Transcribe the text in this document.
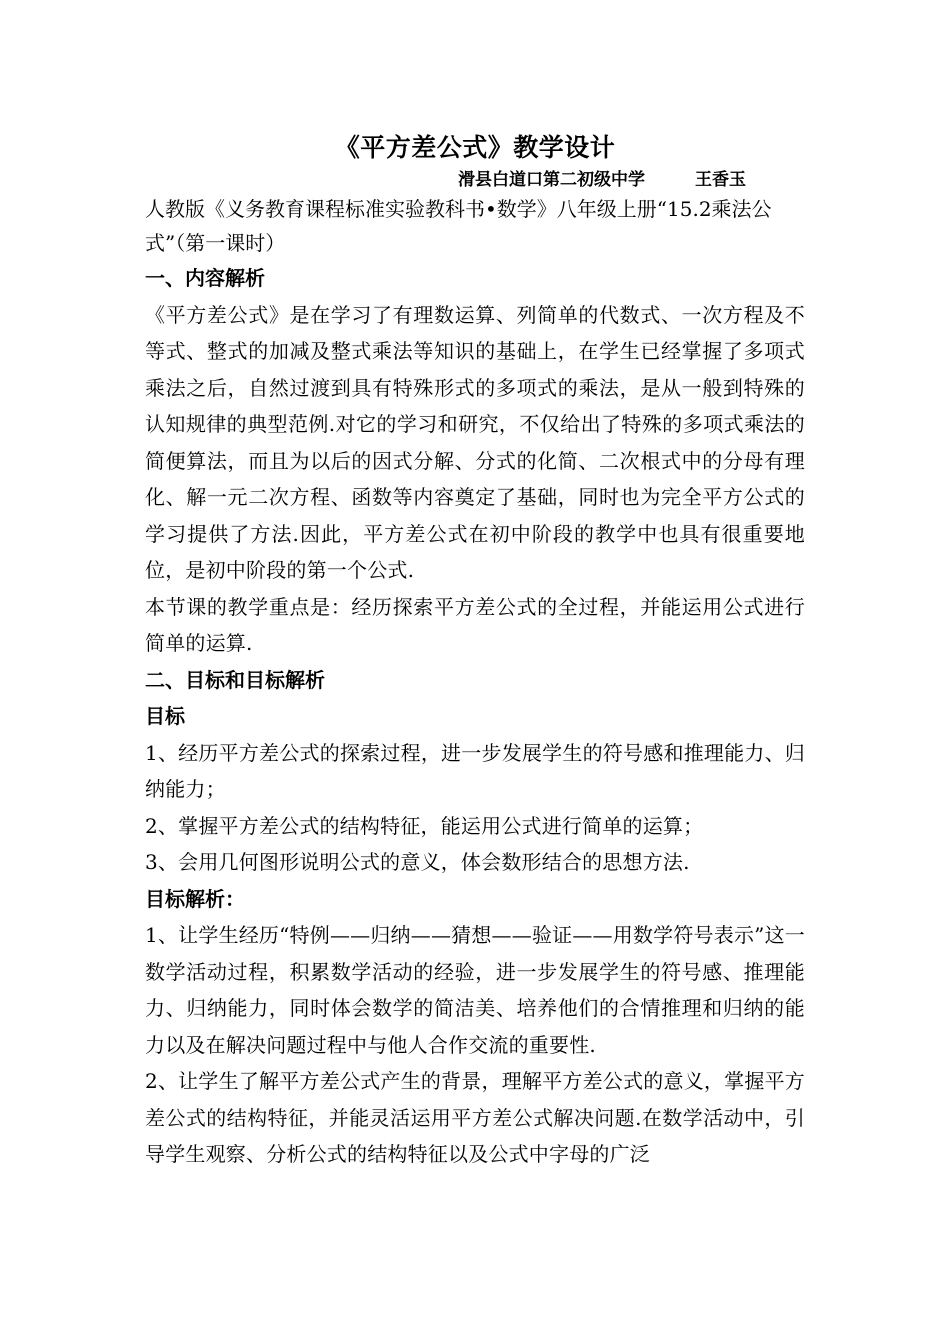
《平方差公式》教学设计
滑县白道口第二初级中学	王香玉

人教版《义务教育课程标准实验教科书•数学》八年级上册“15.2乘法公式”（第一课时）

一、内容解析

《平方差公式》是在学习了有理数运算、列简单的代数式、一次方程及不等式、整式的加减及整式乘法等知识的基础上，在学生已经掌握了多项式乘法之后，自然过渡到具有特殊形式的多项式的乘法，是从一般到特殊的认知规律的典型范例.对它的学习和研究，不仅给出了特殊的多项式乘法的简便算法，而且为以后的因式分解、分式的化简、二次根式中的分母有理化、解一元二次方程、函数等内容奠定了基础，同时也为完全平方公式的学习提供了方法.因此，平方差公式在初中阶段的教学中也具有很重要地位，是初中阶段的第一个公式.

本节课的教学重点是：经历探索平方差公式的全过程，并能运用公式进行简单的运算.

二、目标和目标解析

目标

1、经历平方差公式的探索过程，进一步发展学生的符号感和推理能力、归纳能力；

2、掌握平方差公式的结构特征，能运用公式进行简单的运算；

3、会用几何图形说明公式的意义，体会数形结合的思想方法.

目标解析：

1、让学生经历“特例——归纳——猜想——验证——用数学符号表示”这一数学活动过程，积累数学活动的经验，进一步发展学生的符号感、推理能力、归纳能力，同时体会数学的简洁美、培养他们的合情推理和归纳的能力以及在解决问题过程中与他人合作交流的重要性.

2、让学生了解平方差公式产生的背景，理解平方差公式的意义，掌握平方差公式的结构特征，并能灵活运用平方差公式解决问题.在数学活动中，引导学生观察、分析公式的结构特征以及公式中字母的广泛
